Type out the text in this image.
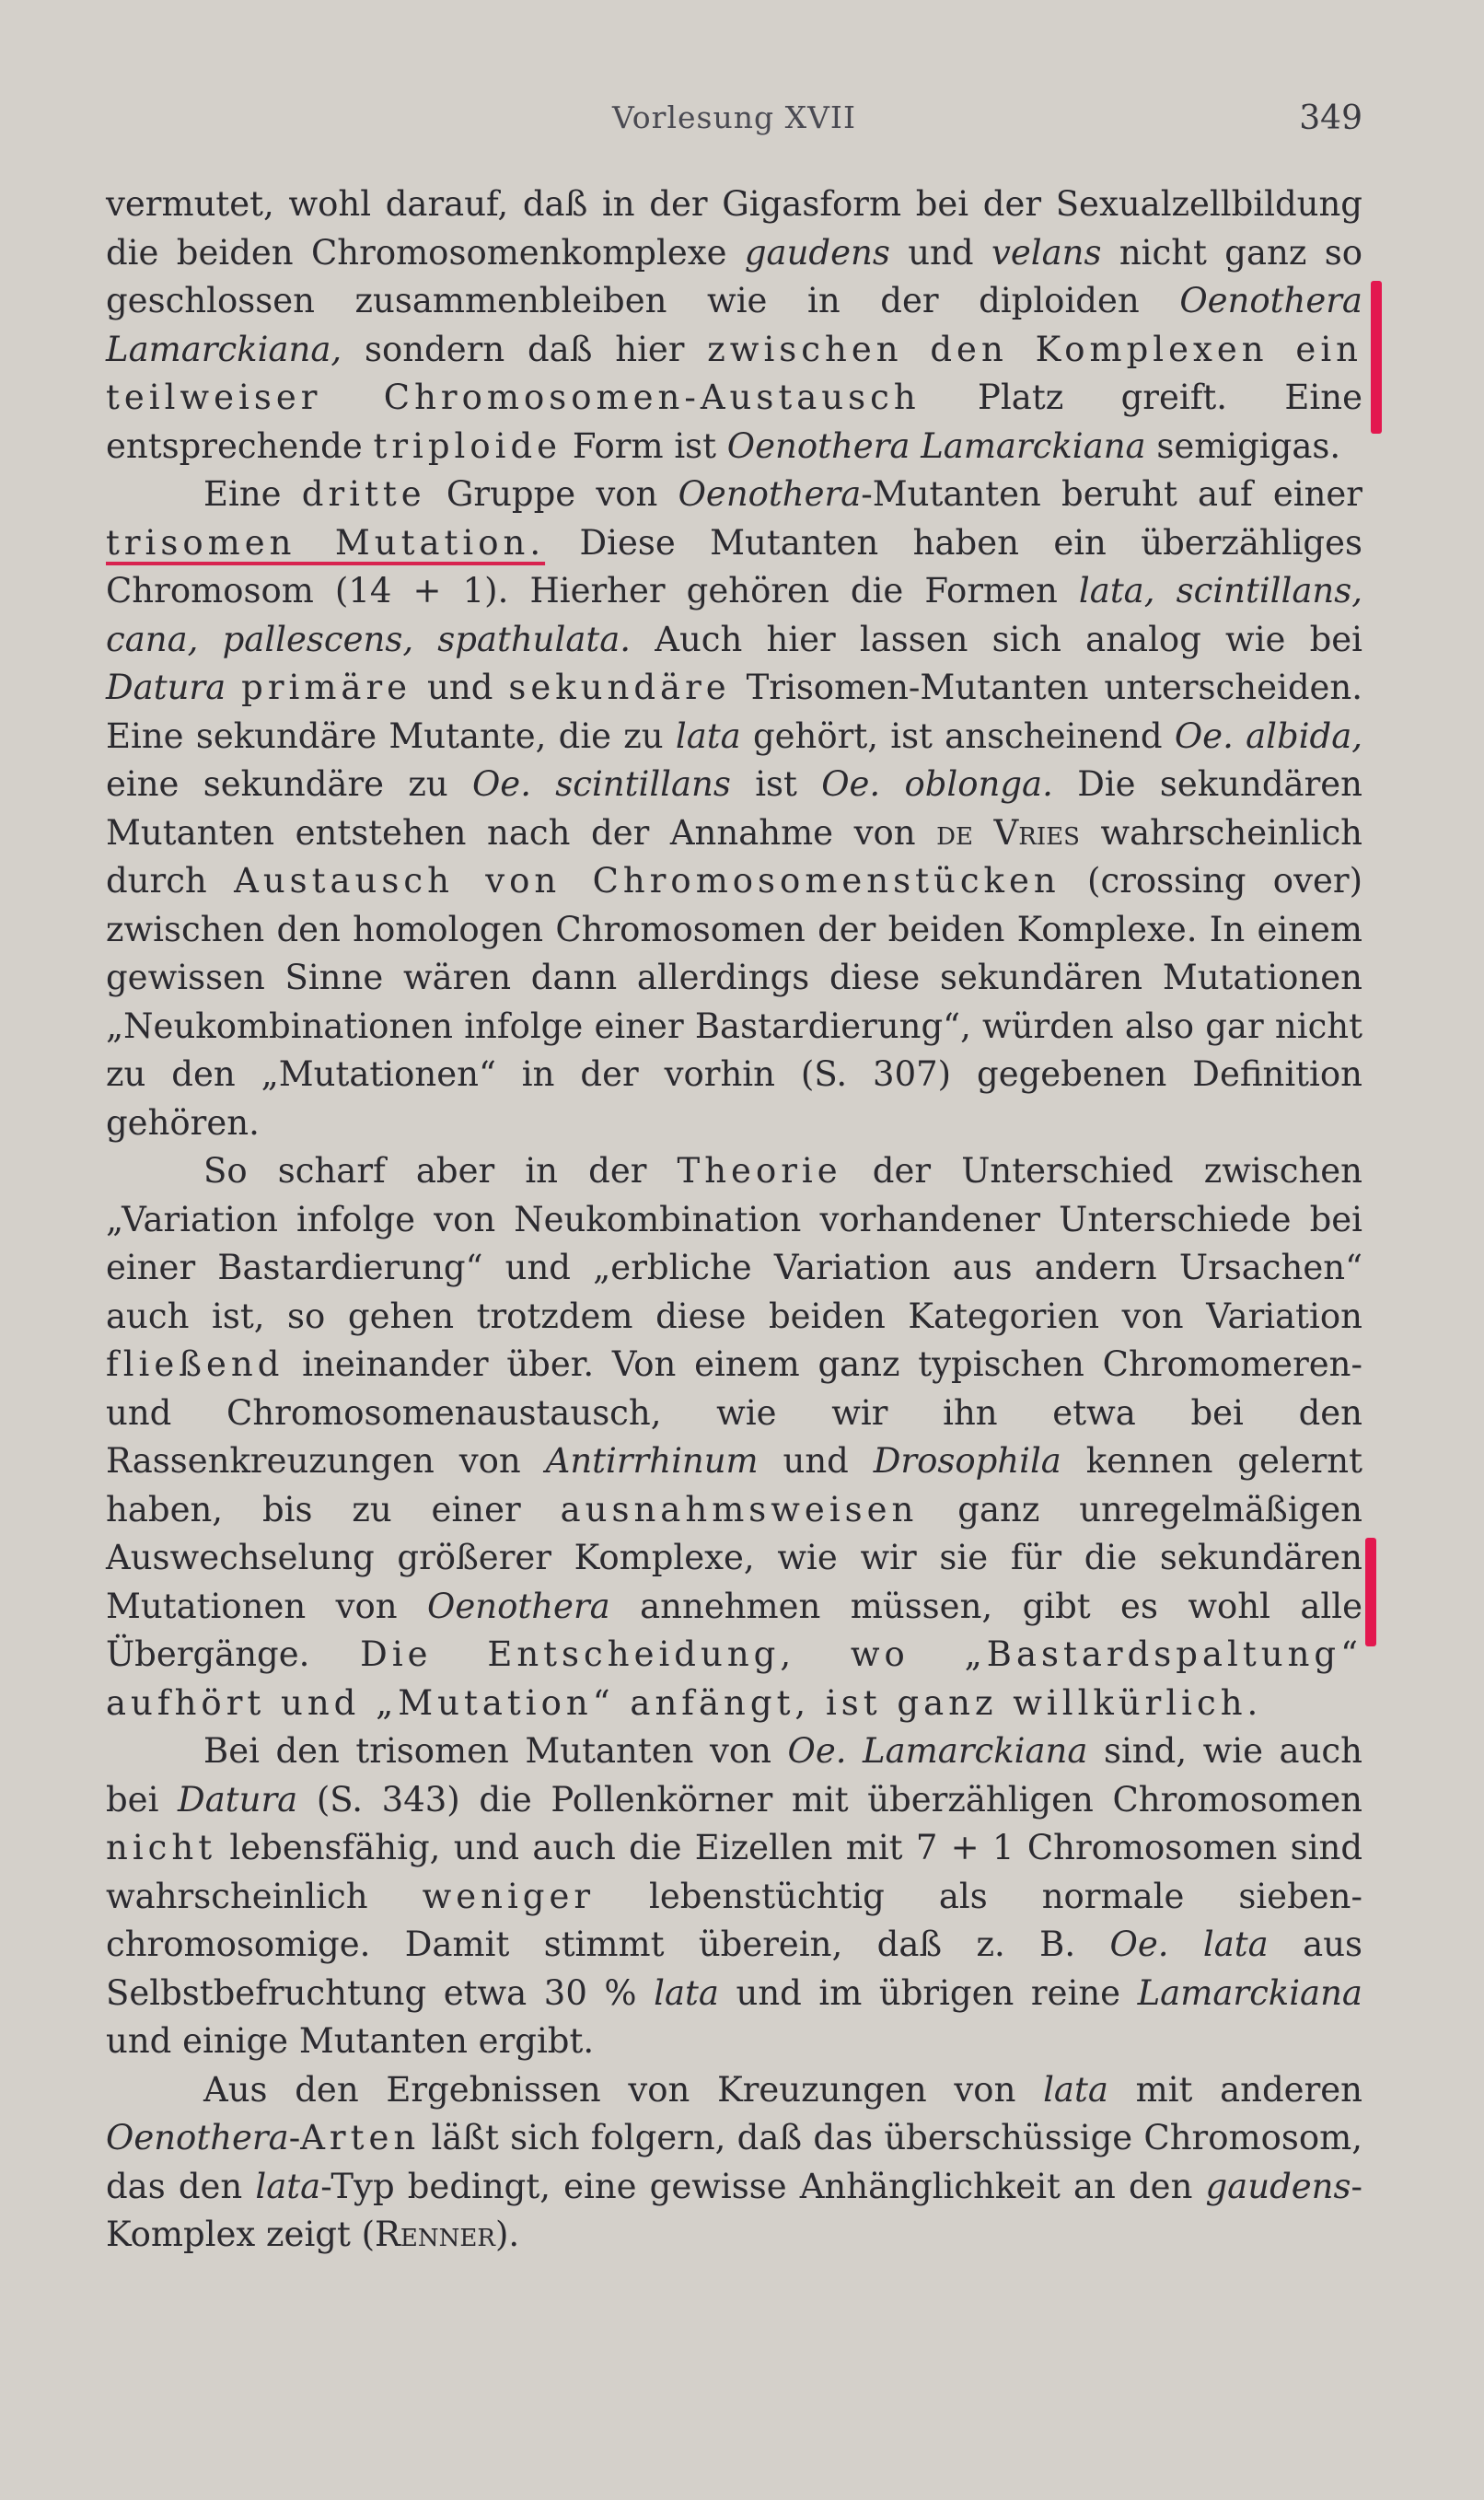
Vorlesung XVII	349

vermutet, wohl darauf, daß in der Gigasform bei der Sexualzellbildung die beiden Chromosomenkomplexe gaudens und velans nicht ganz so geschlossen zusammenbleiben wie in der diploiden Oenothera Lamarckiana, sondern daß hier zwischen den Komplexen ein teilweiser Chromosomen-Austausch Platz greift. Eine entsprechende triploide Form ist Oenothera Lamarckiana semigigas.

Eine dritte Gruppe von Oenothera-Mutanten beruht auf einer trisomen Mutation. Diese Mutanten haben ein überzähliges Chromosom (14 + 1). Hierher gehören die Formen lata, scintillans, cana, pallescens, spathulata. Auch hier lassen sich analog wie bei Datura primäre und sekundäre Trisomen-Mutanten unterscheiden. Eine sekundäre Mutante, die zu lata gehört, ist anscheinend Oe. albida, eine sekundäre zu Oe. scintillans ist Oe. oblonga. Die sekundären Mutanten entstehen nach der Annahme von de Vries wahrscheinlich durch Austausch von Chromosomenstücken (crossing over) zwischen den homologen Chromosomen der beiden Komplexe. In einem gewissen Sinne wären dann allerdings diese sekundären Mutationen „Neukombinationen infolge einer Bastardierung“, würden also gar nicht zu den „Mutationen“ in der vorhin (S. 307) gegebenen Definition gehören.

So scharf aber in der Theorie der Unterschied zwischen „Variation infolge von Neukombination vorhandener Unterschiede bei einer Bastardierung“ und „erbliche Variation aus andern Ursachen“ auch ist, so gehen trotzdem diese beiden Kategorien von Variation fließend ineinander über. Von einem ganz typischen Chromomeren- und Chromosomenaustausch, wie wir ihn etwa bei den Rassenkreuzungen von Antirrhinum und Drosophila kennen gelernt haben, bis zu einer ausnahmsweisen ganz unregelmäßigen Auswechselung größerer Komplexe, wie wir sie für die sekundären Mutationen von Oenothera annehmen müssen, gibt es wohl alle Übergänge. Die Entscheidung, wo „Bastardspaltung“ aufhört und „Mutation“ anfängt, ist ganz willkürlich.

Bei den trisomen Mutanten von Oe. Lamarckiana sind, wie auch bei Datura (S. 343) die Pollenkörner mit überzähligen Chromosomen nicht lebensfähig, und auch die Eizellen mit 7 + 1 Chromosomen sind wahrscheinlich weniger lebenstüchtig als normale sieben-chromosomige. Damit stimmt überein, daß z. B. Oe. lata aus Selbstbefruchtung etwa 30 % lata und im übrigen reine Lamarckiana und einige Mutanten ergibt.

Aus den Ergebnissen von Kreuzungen von lata mit anderen Oenothera-Arten läßt sich folgern, daß das überschüssige Chromosom, das den lata-Typ bedingt, eine gewisse Anhänglichkeit an den gaudens-Komplex zeigt (Renner).
